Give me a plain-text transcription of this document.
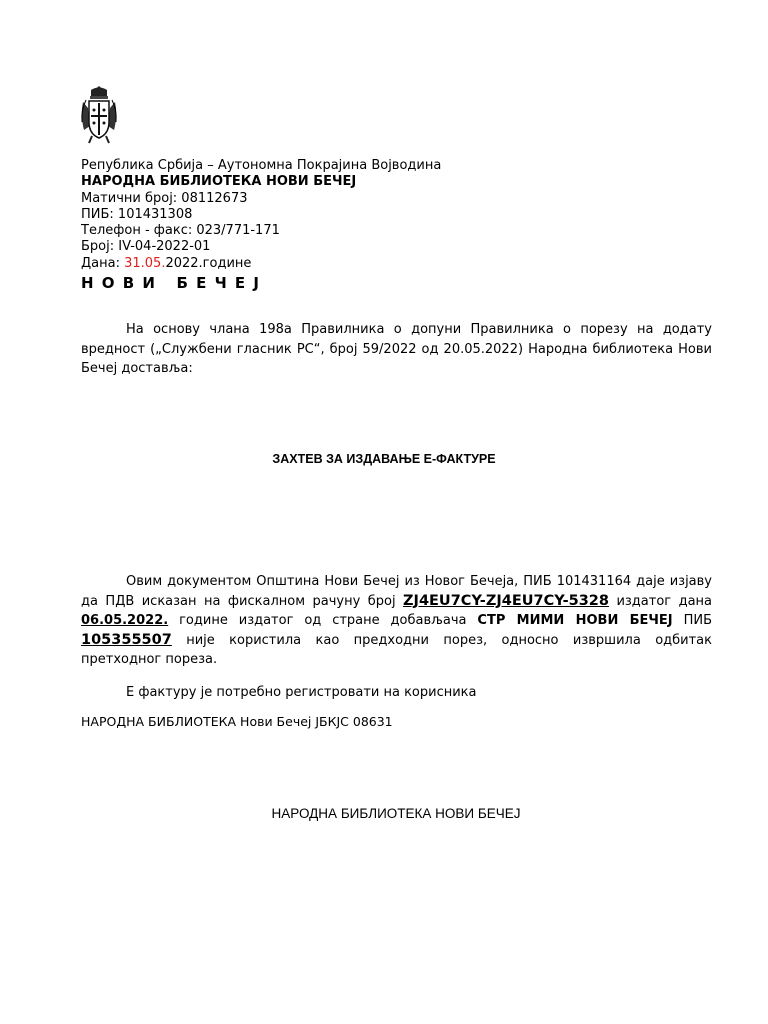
Република Србија – Аутономна Покрајина Војводина
НАРОДНА БИБЛИОТЕКА НОВИ БЕЧЕЈ
Матични број: 08112673
ПИБ: 101431308
Телефон - факс: 023/771-171
Број: IV-04-2022-01
Дана: 31.05.2022.године
НОВИ БЕЧЕЈ

На основу члана 198а Правилника о допуни Правилника о порезу на додату вредност („Службени гласник РС“, број 59/2022 од 20.05.2022) Народна библиотека Нови Бечеј доставља:

ЗАХТЕВ ЗА ИЗДАВАЊЕ Е-ФАКТУРЕ

Овим документом Општина Нови Бечеј из Новог Бечеја, ПИБ 101431164 даје изјаву да ПДВ исказан на фискалном рачуну број ZJ4EU7CY-ZJ4EU7CY-5328 издатог дана 06.05.2022. године издатог од стране добављача СТР МИМИ НОВИ БЕЧЕЈ ПИБ 105355507 није користила као предходни порез, односно извршила одбитак претходног пореза.

Е фактуру је потребно регистровати на корисника

НАРОДНА БИБЛИОТЕКА Нови Бечеј ЈБКЈС 08631
НАРОДНА БИБЛИОТЕКА НОВИ БЕЧЕЈ
